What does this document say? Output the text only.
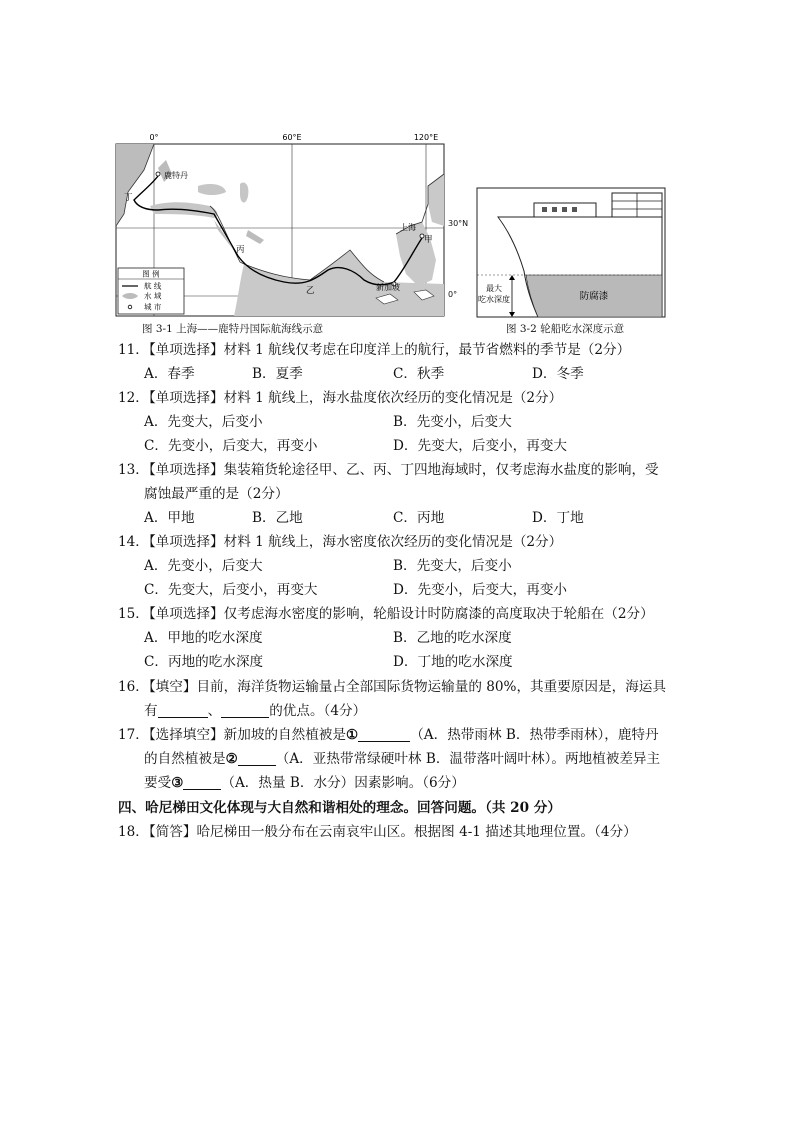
0°	60°E	120°E
鹿特丹
上海
新加坡
甲
乙
丙
丁
图 例
航 线
水 域
城 市
30°N
0°
最大
吃水深度	防腐漆
图 3-1 上海——鹿特丹国际航海线示意	图 3-2 轮船吃水深度示意
11．【单项选择】材料 1 航线仅考虑在印度洋上的航行，最节省燃料的季节是（2分）
A．春季	B．夏季	C．秋季	D．冬季
12．【单项选择】材料 1 航线上，海水盐度依次经历的变化情况是（2分）
A．先变大，后变小	B．先变小，后变大
C．先变小，后变大，再变小	D．先变大，后变小，再变大
13．【单项选择】集装箱货轮途径甲、乙、丙、丁四地海域时，仅考虑海水盐度的影响，受
腐蚀最严重的是（2分）
A．甲地	B．乙地	C．丙地	D．丁地
14．【单项选择】材料 1 航线上，海水密度依次经历的变化情况是（2分）
A．先变小，后变大	B．先变大，后变小
C．先变大，后变小，再变大	D．先变小，后变大，再变小
15．【单项选择】仅考虑海水密度的影响，轮船设计时防腐漆的高度取决于轮船在（2分）
A．甲地的吃水深度	B．乙地的吃水深度
C．丙地的吃水深度	D．丁地的吃水深度
16．【填空】目前，海洋货物运输量占全部国际货物运输量的 80%，其重要原因是，海运具
有	、	的优点。（4分）
17．【选择填空】新加坡的自然植被是①	（A．热带雨林 B．热带季雨林），鹿特丹
的自然植被是②	（A．亚热带常绿硬叶林 B．温带落叶阔叶林）。两地植被差异主
要受③	（A．热量 B．水分）因素影响。（6分）
四、哈尼梯田文化体现与大自然和谐相处的理念。回答问题。（共 20 分）
18．【简答】哈尼梯田一般分布在云南哀牢山区。根据图 4-1 描述其地理位置。（4分）
